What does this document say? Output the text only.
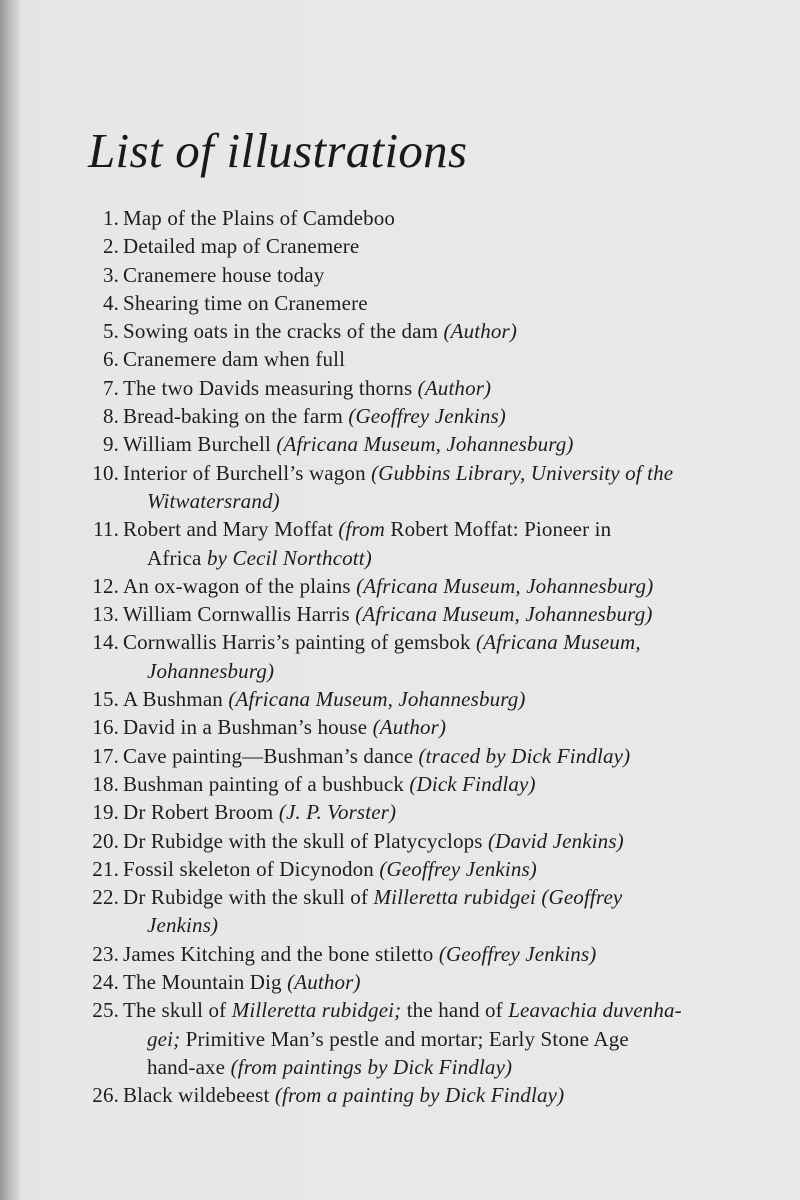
List of illustrations
1. Map of the Plains of Camdeboo
2. Detailed map of Cranemere
3. Cranemere house today
4. Shearing time on Cranemere
5. Sowing oats in the cracks of the dam (Author)
6. Cranemere dam when full
7. The two Davids measuring thorns (Author)
8. Bread-baking on the farm (Geoffrey Jenkins)
9. William Burchell (Africana Museum, Johannesburg)
10. Interior of Burchell’s wagon (Gubbins Library, University of the
Witwatersrand)
11. Robert and Mary Moffat (from Robert Moffat: Pioneer in
Africa by Cecil Northcott)
12. An ox-wagon of the plains (Africana Museum, Johannesburg)
13. William Cornwallis Harris (Africana Museum, Johannesburg)
14. Cornwallis Harris’s painting of gemsbok (Africana Museum,
Johannesburg)
15. A Bushman (Africana Museum, Johannesburg)
16. David in a Bushman’s house (Author)
17. Cave painting—Bushman’s dance (traced by Dick Findlay)
18. Bushman painting of a bushbuck (Dick Findlay)
19. Dr Robert Broom (J. P. Vorster)
20. Dr Rubidge with the skull of Platycyclops (David Jenkins)
21. Fossil skeleton of Dicynodon (Geoffrey Jenkins)
22. Dr Rubidge with the skull of Milleretta rubidgei (Geoffrey
Jenkins)
23. James Kitching and the bone stiletto (Geoffrey Jenkins)
24. The Mountain Dig (Author)
25. The skull of Milleretta rubidgei; the hand of Leavachia duvenha-
gei; Primitive Man’s pestle and mortar; Early Stone Age
hand-axe (from paintings by Dick Findlay)
26. Black wildebeest (from a painting by Dick Findlay)
